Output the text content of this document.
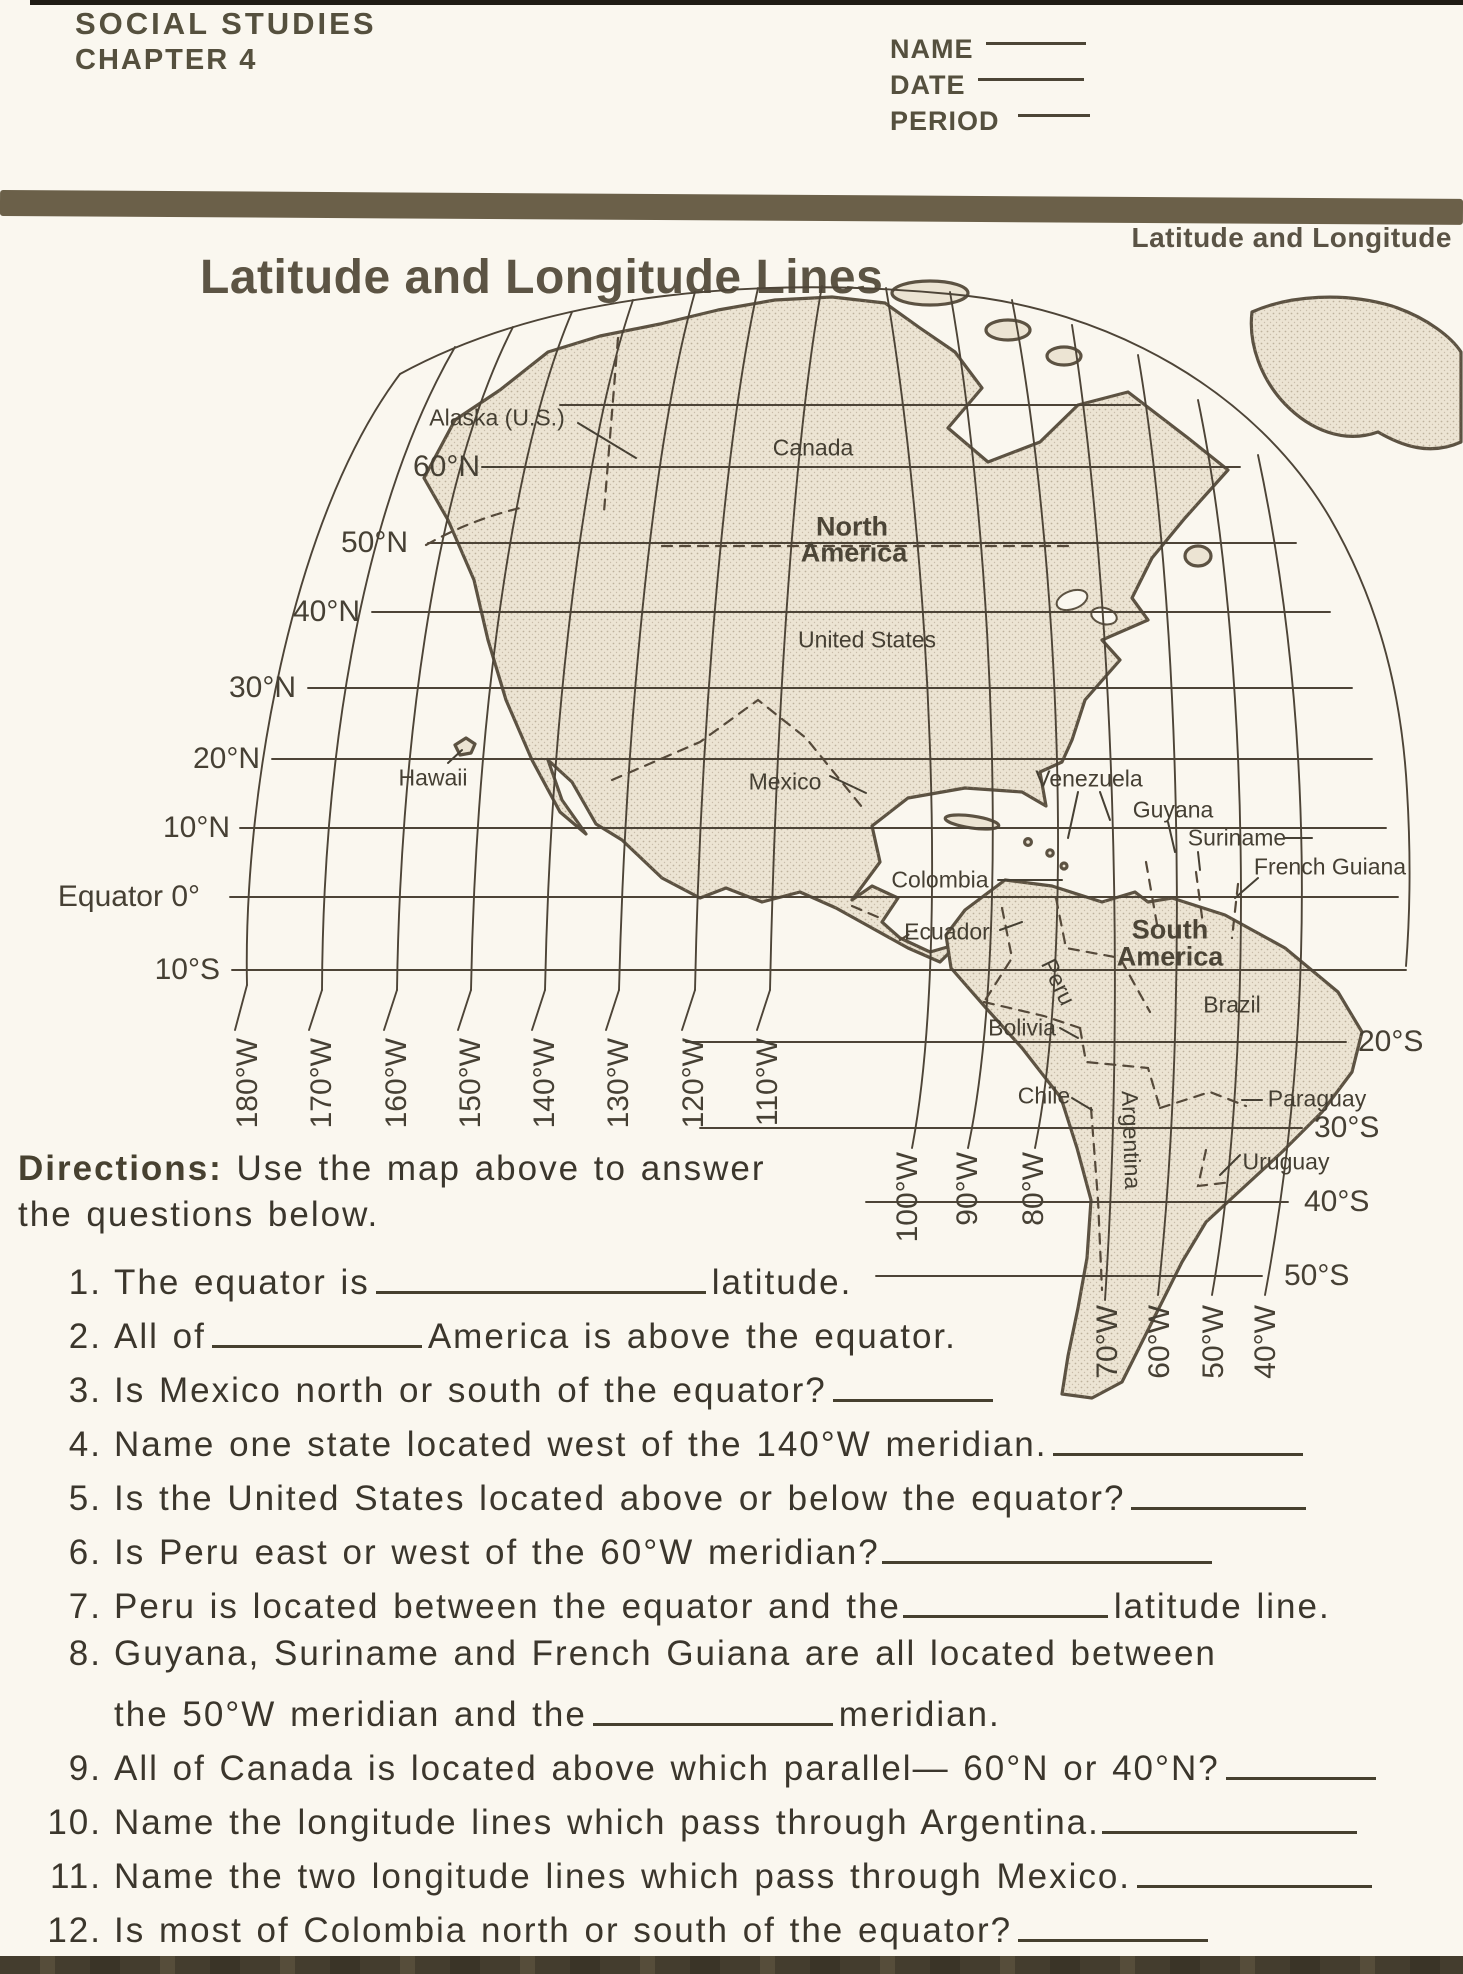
SOCIAL STUDIES
CHAPTER 4	NAME
DATE
PERIOD
Latitude and Longitude
Latitude and Longitude Lines
60°N
50°N
40°N
30°N
20°N
10°N
Equator 0°
10°S
20°S
30°S
40°S
50°S
180°W 170°W 160°W 150°W 140°W 130°W 120°W 110°W
100°W 90°W 80°W
70°W 60°W 50°W 40°W
Alaska (U.S.)
Canada
North
America
United States
Hawaii	Mexico	Venezuela
Guyana
Suriname
French Guiana
Colombia
Ecuador
Peru
South
America
Brazil
Bolivia
Chile Argentina	Paraguay
Uruguay
Directions: Use the map above to answer
the questions below.
1. The equator is	latitude.
2. All of	America is above the equator.
3. Is Mexico north or south of the equator?
4. Name one state located west of the 140°W meridian.
5. Is the United States located above or below the equator?
6. Is Peru east or west of the 60°W meridian?
7. Peru is located between the equator and the	latitude line.
8. Guyana, Suriname and French Guiana are all located between
the 50°W meridian and the	meridian.
9. All of Canada is located above which parallel— 60°N or 40°N?
10. Name the longitude lines which pass through Argentina.
11. Name the two longitude lines which pass through Mexico.
12. Is most of Colombia north or south of the equator?
